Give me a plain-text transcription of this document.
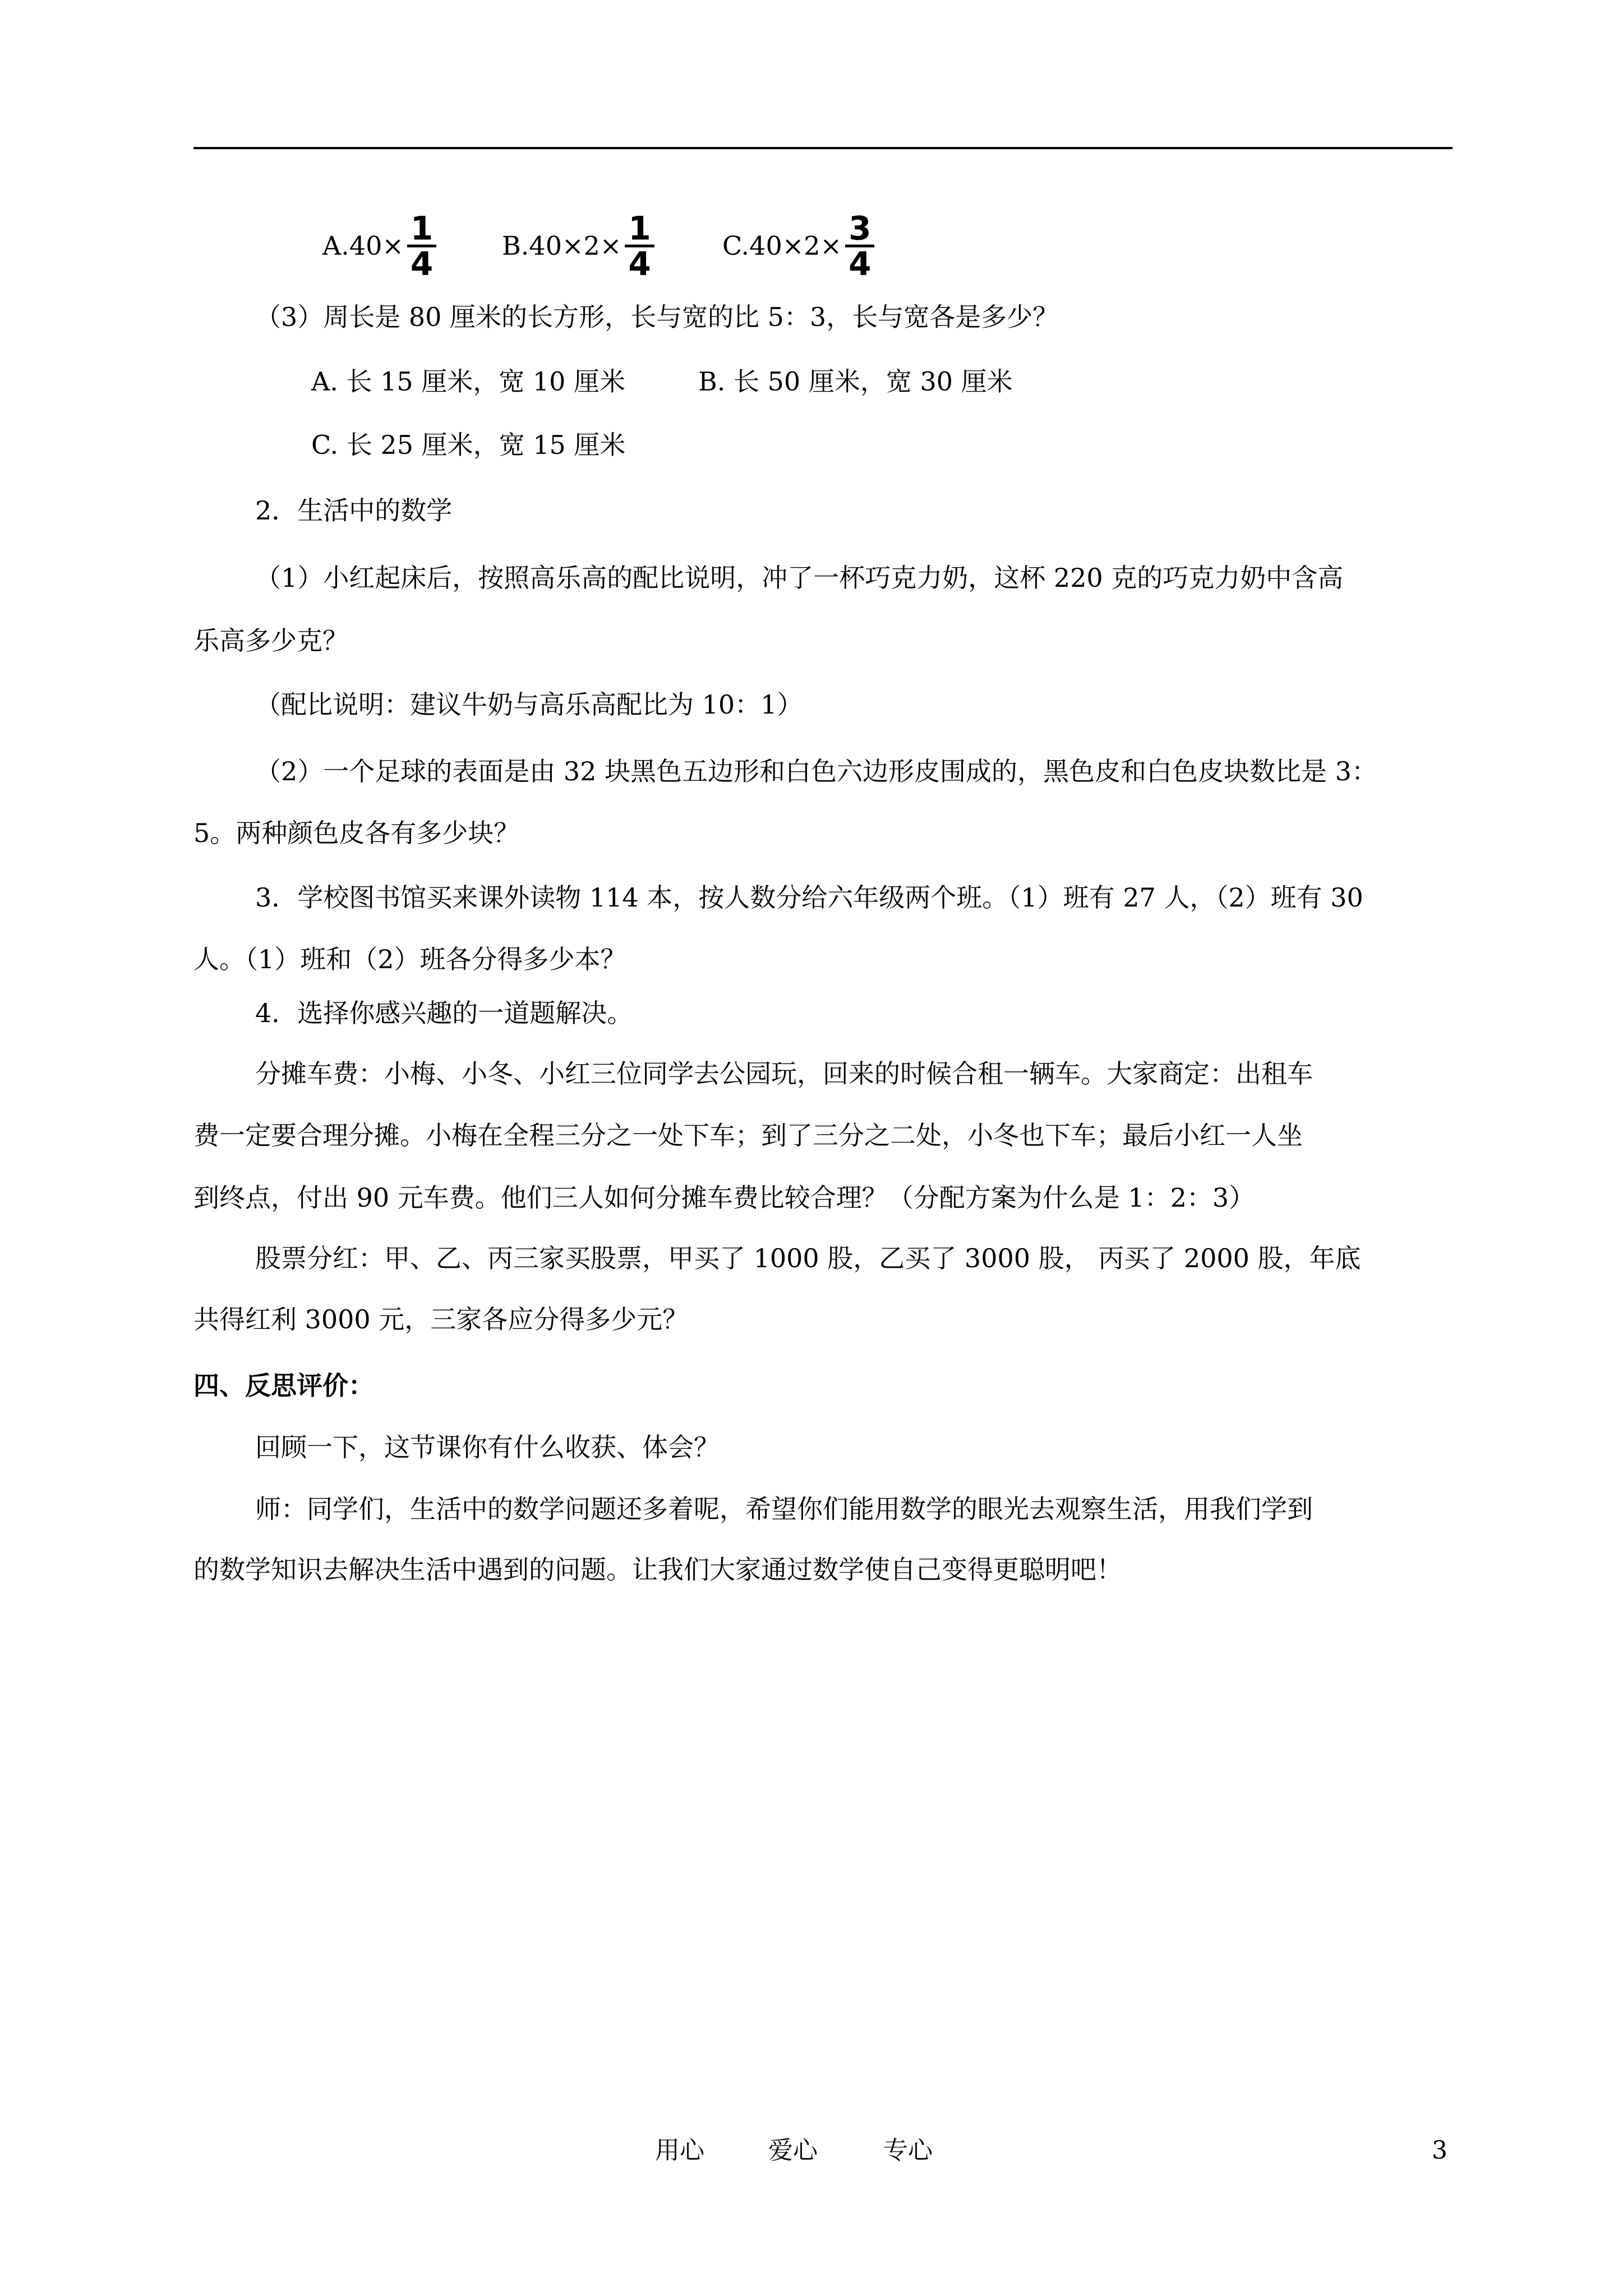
$A.40\times \frac{1}{4}$	$B.40\times 2\times \frac{1}{4}$	$C.40\times 2\times \frac{3}{4}$
（3）周长是 80 厘米的长方形，长与宽的比 5：3，长与宽各是多少？
A. 长 15 厘米，宽 10 厘米	B. 长 50 厘米，宽 30 厘米
C. 长 25 厘米，宽 15 厘米
2．生活中的数学
（1）小红起床后，按照高乐高的配比说明，冲了一杯巧克力奶，这杯 220 克的巧克力奶中含高
乐高多少克？
（配比说明：建议牛奶与高乐高配比为 10：1）
（2）一个足球的表面是由 32 块黑色五边形和白色六边形皮围成的，黑色皮和白色皮块数比是 3：
5。两种颜色皮各有多少块？
3．学校图书馆买来课外读物 114 本，按人数分给六年级两个班。（1）班有 27 人，（2）班有 30
人。（1）班和（2）班各分得多少本？
4．选择你感兴趣的一道题解决。
分摊车费：小梅、小冬、小红三位同学去公园玩，回来的时候合租一辆车。大家商定：出租车
费一定要合理分摊。小梅在全程三分之一处下车；到了三分之二处，小冬也下车；最后小红一人坐
到终点，付出 90 元车费。他们三人如何分摊车费比较合理？（分配方案为什么是 1：2：3）
股票分红：甲、乙、丙三家买股票，甲买了 1000 股，乙买了 3000 股， 丙买了 2000 股，年底
共得红利 3000 元，三家各应分得多少元？
四、反思评价：
回顾一下，这节课你有什么收获、体会？
师：同学们，生活中的数学问题还多着呢，希望你们能用数学的眼光去观察生活，用我们学到
的数学知识去解决生活中遇到的问题。让我们大家通过数学使自己变得更聪明吧！
用心	爱心	专心	3
